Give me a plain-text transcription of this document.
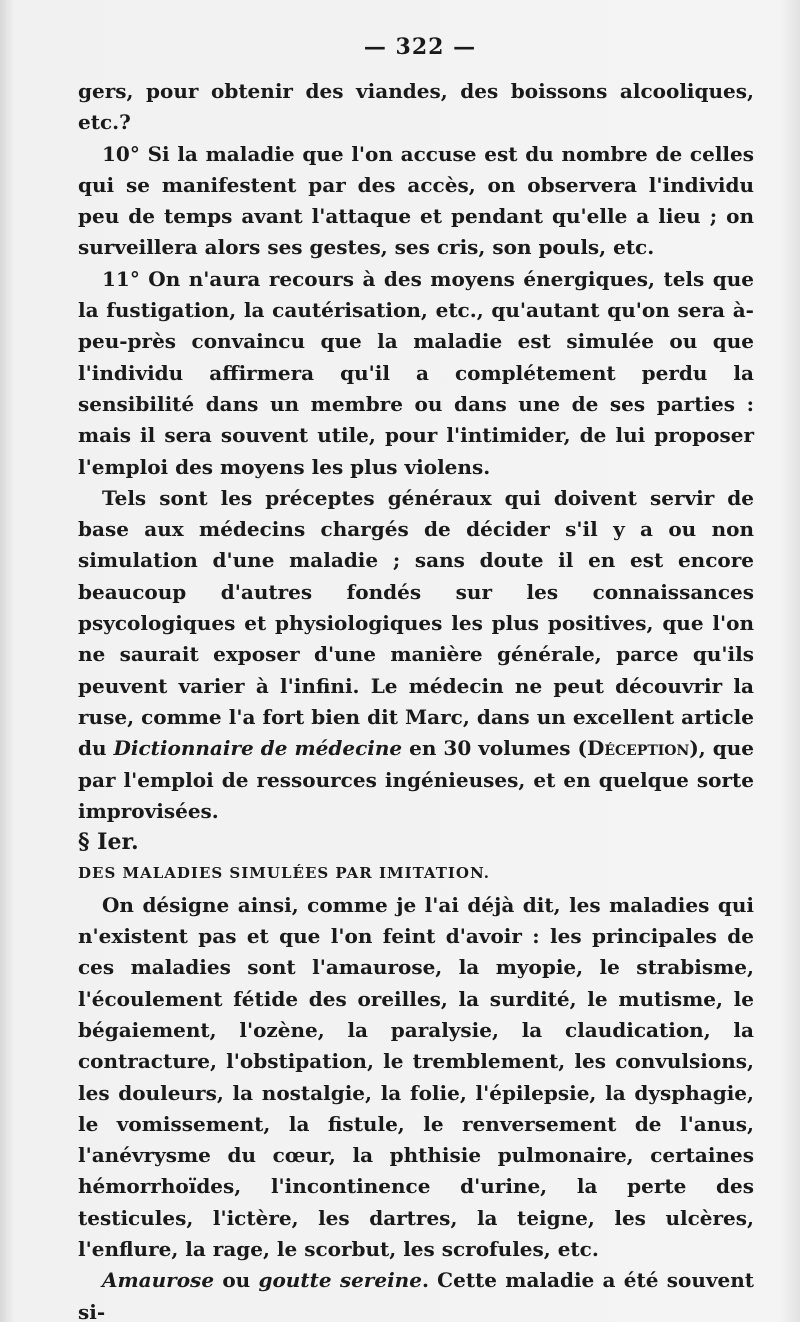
— 322 —

gers, pour obtenir des viandes, des boissons alcooliques, etc.?

10° Si la maladie que l'on accuse est du nombre de celles qui se manifestent par des accès, on observera l'individu peu de temps avant l'attaque et pendant qu'elle a lieu ; on surveillera alors ses gestes, ses cris, son pouls, etc.

11° On n'aura recours à des moyens énergiques, tels que la fustigation, la cautérisation, etc., qu'autant qu'on sera à-peu-près convaincu que la maladie est simulée ou que l'individu affirmera qu'il a complétement perdu la sensibilité dans un membre ou dans une de ses parties : mais il sera souvent utile, pour l'intimider, de lui proposer l'emploi des moyens les plus violens.

Tels sont les préceptes généraux qui doivent servir de base aux médecins chargés de décider s'il y a ou non simulation d'une maladie ; sans doute il en est encore beaucoup d'autres fondés sur les connaissances psycologiques et physiologiques les plus positives, que l'on ne saurait exposer d'une manière générale, parce qu'ils peuvent varier à l'infini. Le médecin ne peut découvrir la ruse, comme l'a fort bien dit Marc, dans un excellent article du Dictionnaire de médecine en 30 volumes (Déception), que par l'emploi de ressources ingénieuses, et en quelque sorte improvisées.

§ Ier.

DES MALADIES SIMULÉES PAR IMITATION.

On désigne ainsi, comme je l'ai déjà dit, les maladies qui n'existent pas et que l'on feint d'avoir : les principales de ces maladies sont l'amaurose, la myopie, le strabisme, l'écoulement fétide des oreilles, la surdité, le mutisme, le bégaiement, l'ozène, la paralysie, la claudication, la contracture, l'obstipation, le tremblement, les convulsions, les douleurs, la nostalgie, la folie, l'épilepsie, la dysphagie, le vomissement, la fistule, le renversement de l'anus, l'anévrysme du cœur, la phthisie pulmonaire, certaines hémorrhoïdes, l'incontinence d'urine, la perte des testicules, l'ictère, les dartres, la teigne, les ulcères, l'enflure, la rage, le scorbut, les scrofules, etc.

Amaurose ou goutte sereine. Cette maladie a été souvent si-
